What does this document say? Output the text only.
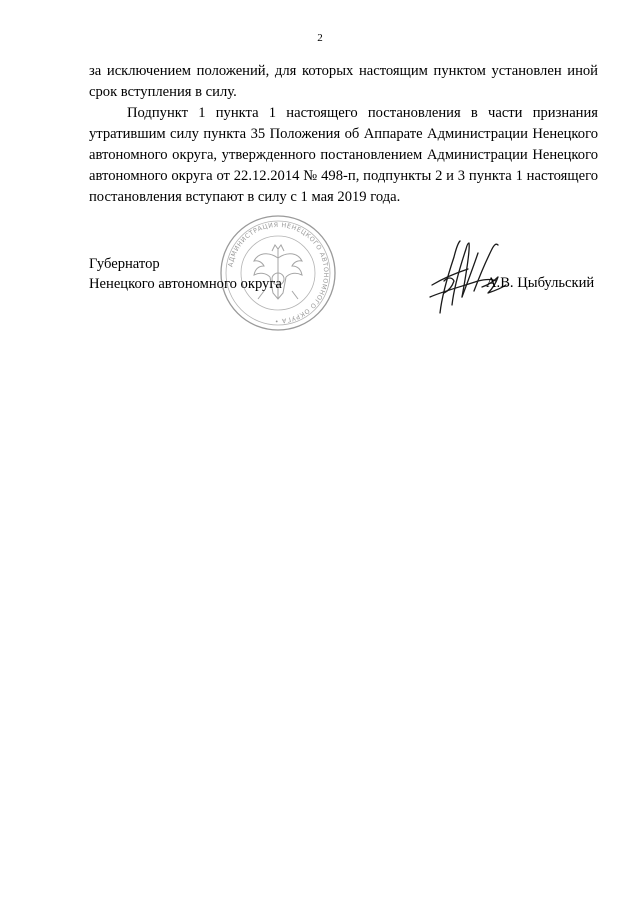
2

за исключением положений, для которых настоящим пунктом установлен иной срок вступления в силу.

Подпункт 1 пункта 1 настоящего постановления в части признания утратившим силу пункта 35 Положения об Аппарате Администрации Ненецкого автономного округа, утвержденного постановлением Администрации Ненецкого автономного округа от 22.12.2014 № 498-п, подпункты 2 и 3 пункта 1 настоящего постановления вступают в силу с 1 мая 2019 года.

АДМИНИСТРАЦИЯ НЕНЕЦКОГО АВТОНОМНОГО ОКРУГА •
Губернатор
Ненецкого автономного округа	А.В. Цыбульский
